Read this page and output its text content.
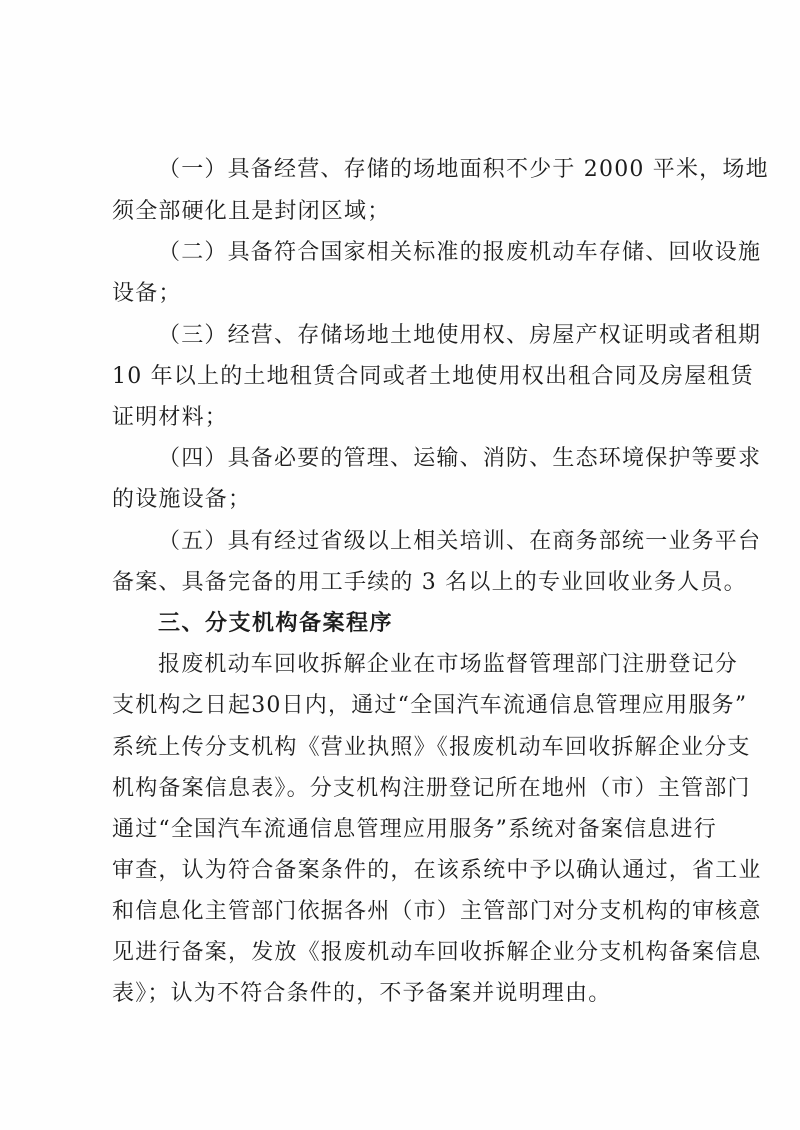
（一）具备经营、存储的场地面积不少于 2000 平米，场地
须全部硬化且是封闭区域；
（二）具备符合国家相关标准的报废机动车存储、回收设施
设备；
（三）经营、存储场地土地使用权、房屋产权证明或者租期
10 年以上的土地租赁合同或者土地使用权出租合同及房屋租赁
证明材料；
（四）具备必要的管理、运输、消防、生态环境保护等要求
的设施设备；
（五）具有经过省级以上相关培训、在商务部统一业务平台
备案、具备完备的用工手续的 3 名以上的专业回收业务人员。
三、分支机构备案程序
报废机动车回收拆解企业在市场监督管理部门注册登记分
支机构之日起30日内，通过“全国汽车流通信息管理应用服务”
系统上传分支机构《营业执照》《报废机动车回收拆解企业分支
机构备案信息表》。分支机构注册登记所在地州（市）主管部门
通过“全国汽车流通信息管理应用服务”系统对备案信息进行
审查，认为符合备案条件的，在该系统中予以确认通过，省工业
和信息化主管部门依据各州（市）主管部门对分支机构的审核意
见进行备案，发放《报废机动车回收拆解企业分支机构备案信息
表》；认为不符合条件的，不予备案并说明理由。
